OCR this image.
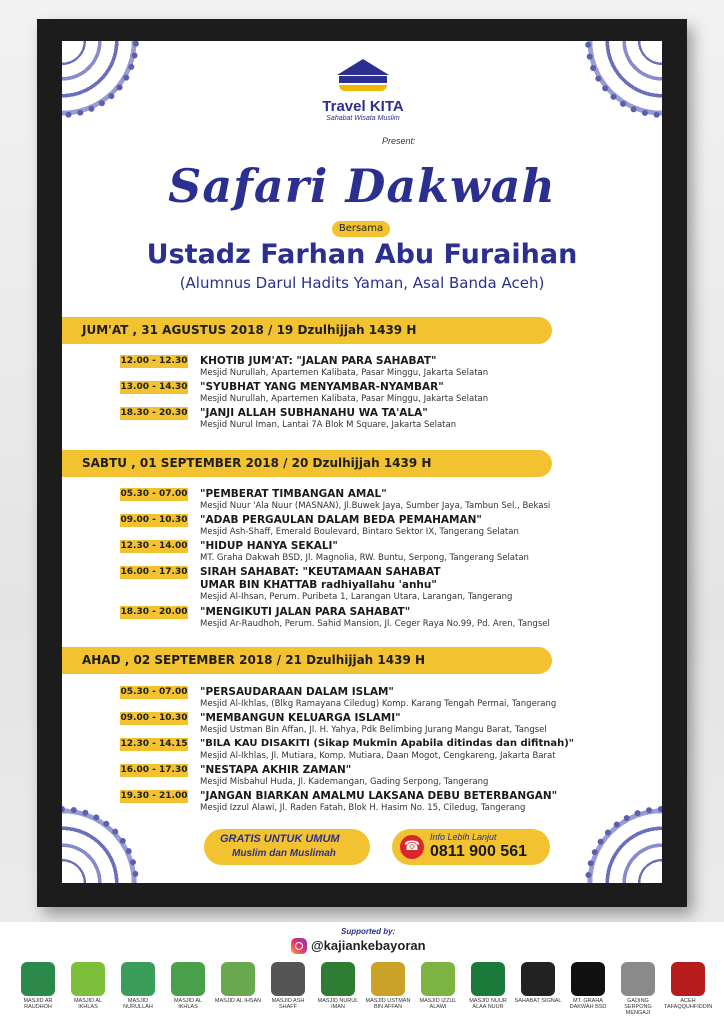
Travel KITA
Sahabat Wisata Muslim
Present:
Safari Dakwah
Bersama
Ustadz Farhan Abu Furaihan
(Alumnus Darul Hadits Yaman, Asal Banda Aceh)
JUM'AT , 31 AGUSTUS 2018 / 19 Dzulhijjah 1439 H
12.00 - 12.30 KHOTIB JUM'AT: "JALAN PARA SAHABAT"
Mesjid Nurullah, Apartemen Kalibata, Pasar Minggu, Jakarta Selatan
13.00 - 14.30 "SYUBHAT YANG MENYAMBAR-NYAMBAR"
Mesjid Nurullah, Apartemen Kalibata, Pasar Minggu, Jakarta Selatan
18.30 - 20.30 "JANJI ALLAH SUBHANAHU WA TA'ALA"
Mesjid Nurul Iman, Lantai 7A Blok M Square, Jakarta Selatan
SABTU , 01 SEPTEMBER 2018 / 20 Dzulhijjah 1439 H
05.30 - 07.00 "PEMBERAT TIMBANGAN AMAL"
Mesjid Nuur 'Ala Nuur (MASNAN), Jl.Buwek Jaya, Sumber Jaya, Tambun Sel., Bekasi
09.00 - 10.30 "ADAB PERGAULAN DALAM BEDA PEMAHAMAN"
Mesjid Ash-Shaff, Emerald Boulevard, Bintaro Sektor IX, Tangerang Selatan
12.30 - 14.00 "HIDUP HANYA SEKALI"
MT. Graha Dakwah BSD, Jl. Magnolia, RW. Buntu, Serpong, Tangerang Selatan
16.00 - 17.30 SIRAH SAHABAT: "KEUTAMAAN SAHABAT
UMAR BIN KHATTAB radhiyallahu 'anhu"
Mesjid Al-Ihsan, Perum. Puribeta 1, Larangan Utara, Larangan, Tangerang
18.30 - 20.00 "MENGIKUTI JALAN PARA SAHABAT"
Mesjid Ar-Raudhoh, Perum. Sahid Mansion, Jl. Ceger Raya No.99, Pd. Aren, Tangsel
AHAD , 02 SEPTEMBER 2018 / 21 Dzulhijjah 1439 H
05.30 - 07.00 "PERSAUDARAAN DALAM ISLAM"
Mesjid Al-Ikhlas, (Blkg Ramayana Ciledug) Komp. Karang Tengah Permai, Tangerang
09.00 - 10.30 "MEMBANGUN KELUARGA ISLAMI"
Mesjid Ustman Bin Affan, Jl. H. Yahya, Pdk Belimbing Jurang Mangu Barat, Tangsel
12.30 - 14.15 "BILA KAU DISAKITI (Sikap Mukmin Apabila ditindas dan difitnah)"
Mesjid Al-Ikhlas, Jl. Mutiara, Komp. Mutiara, Daan Mogot, Cengkareng, Jakarta Barat
16.00 - 17.30 "NESTAPA AKHIR ZAMAN"
Mesjid Misbahul Huda, Jl. Kademangan, Gading Serpong, Tangerang
19.30 - 21.00 "JANGAN BIARKAN AMALMU LAKSANA DEBU BETERBANGAN"
Mesjid Izzul Alawi, Jl. Raden Fatah, Blok H. Hasim No. 15, Ciledug, Tangerang
GRATIS UNTUK UMUM
Muslim dan Muslimah	☎
Info Lebih Lanjut
0811 900 561
Supported by:
@kajiankebayoran
MASJID AR RAUDHOH
MASJID AL IKHLAS
MASJID NURULLAH
MASJID AL IKHLAS
MASJID AL IHSAN	MASJID ASH SHAFF
MASJID NURUL IMAN
MASJID USTMAN BIN AFFAN
MASJID IZZUL ALAWI
MASJID NUUR ALAA NUUR
SAHABAT SIGNAL	MT. GRAHA DAKWAH BSD
GADING SERPONG MENGAJI
ACEH TAFAQQUHFIDDIN
